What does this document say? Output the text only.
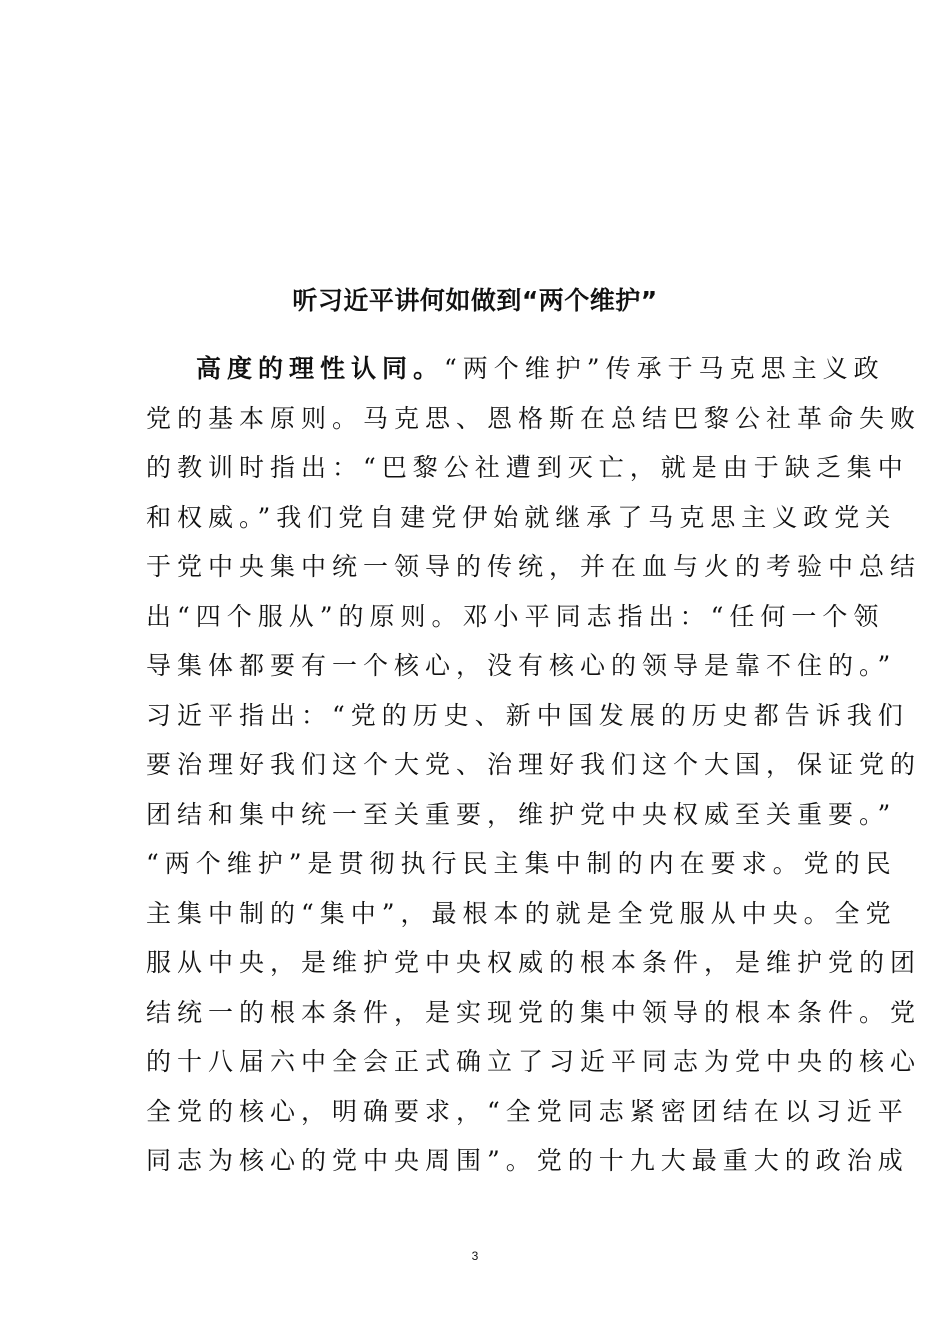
听习近平讲何如做到“两个维护”
高度的理性认同。“两个维护”传承于马克思主义政
党的基本原则。马克思、恩格斯在总结巴黎公社革命失败
的教训时指出：“巴黎公社遭到灭亡，就是由于缺乏集中
和权威。”我们党自建党伊始就继承了马克思主义政党关
于党中央集中统一领导的传统，并在血与火的考验中总结
出“四个服从”的原则。邓小平同志指出：“任何一个领
导集体都要有一个核心，没有核心的领导是靠不住的。”
习近平指出：“党的历史、新中国发展的历史都告诉我们
要治理好我们这个大党、治理好我们这个大国，保证党的
团结和集中统一至关重要，维护党中央权威至关重要。”
“两个维护”是贯彻执行民主集中制的内在要求。党的民
主集中制的“集中”，最根本的就是全党服从中央。全党
服从中央，是维护党中央权威的根本条件，是维护党的团
结统一的根本条件，是实现党的集中领导的根本条件。党
的十八届六中全会正式确立了习近平同志为党中央的核心
全党的核心，明确要求，“全党同志紧密团结在以习近平
同志为核心的党中央周围”。党的十九大最重大的政治成
3
